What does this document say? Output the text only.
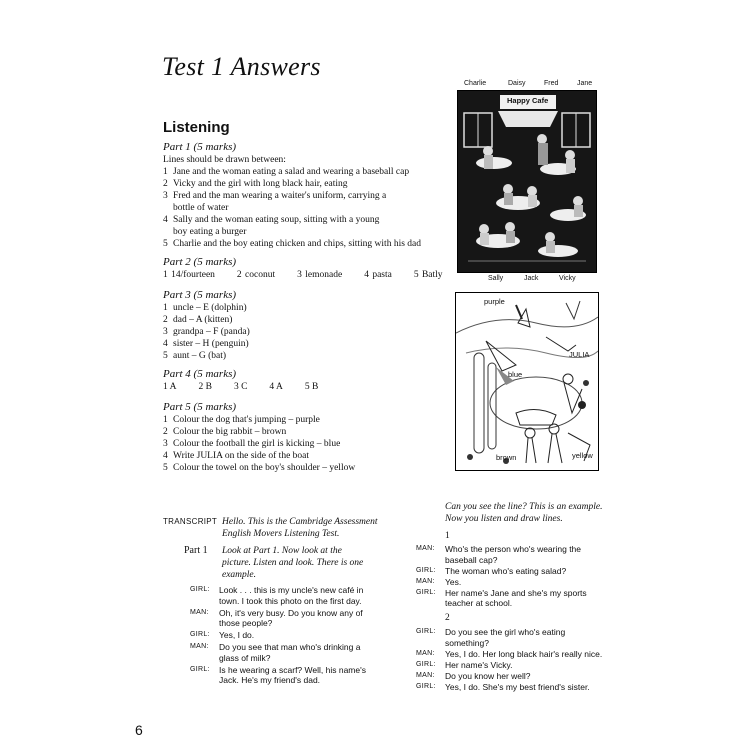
Test 1 Answers
Listening
Part 1 (5 marks)
Lines should be drawn between:
1 Jane and the woman eating a salad and wearing a baseball cap
2 Vicky and the girl with long black hair, eating
3 Fred and the man wearing a waiter's uniform, carrying a
bottle of water
4 Sally and the woman eating soup, sitting with a young
boy eating a burger
5 Charlie and the boy eating chicken and chips, sitting with his dad
Part 2 (5 marks)
1 14/fourteen 2 coconut 3 lemonade 4 pasta 5 Batly
Part 3 (5 marks)
1 uncle – E (dolphin)
2 dad – A (kitten)
3 grandpa – F (panda)
4 sister – H (penguin)
5 aunt – G (bat)
Part 4 (5 marks)
1 A 2 B 3 C 4 A 5 B
Part 5 (5 marks)
1 Colour the dog that's jumping – purple
2 Colour the big rabbit – brown
3 Colour the football the girl is kicking – blue
4 Write JULIA on the side of the boat
5 Colour the towel on the boy's shoulder – yellow
TRANSCRIPT Hello. This is the Cambridge Assessment
English Movers Listening Test.
Part 1 Look at Part 1. Now look at the
picture. Listen and look. There is one
example.
GIRL: Look . . . this is my uncle's new café in
town. I took this photo on the first day.
MAN: Oh, it's very busy. Do you know any of
those people?
GIRL: Yes, I do.
MAN: Do you see that man who's drinking a
glass of milk?
GIRL: Is he wearing a scarf? Well, his name's
Jack. He's my friend's dad.
Can you see the line? This is an example.
Now you listen and draw lines.
1
MAN: Who's the person who's wearing the
baseball cap?
GIRL: The woman who's eating salad?
MAN: Yes.
GIRL: Her name's Jane and she's my sports
teacher at school.
2
GIRL: Do you see the girl who's eating
something?
MAN: Yes, I do. Her long black hair's really nice.
GIRL: Her name's Vicky.
MAN: Do you know her well?
GIRL: Yes, I do. She's my best friend's sister.
Charlie	Daisy	Fred	Jane
Happy Cafe
Sally	Jack	Vicky
purple
JULIA
blue
brown	yellow
6
